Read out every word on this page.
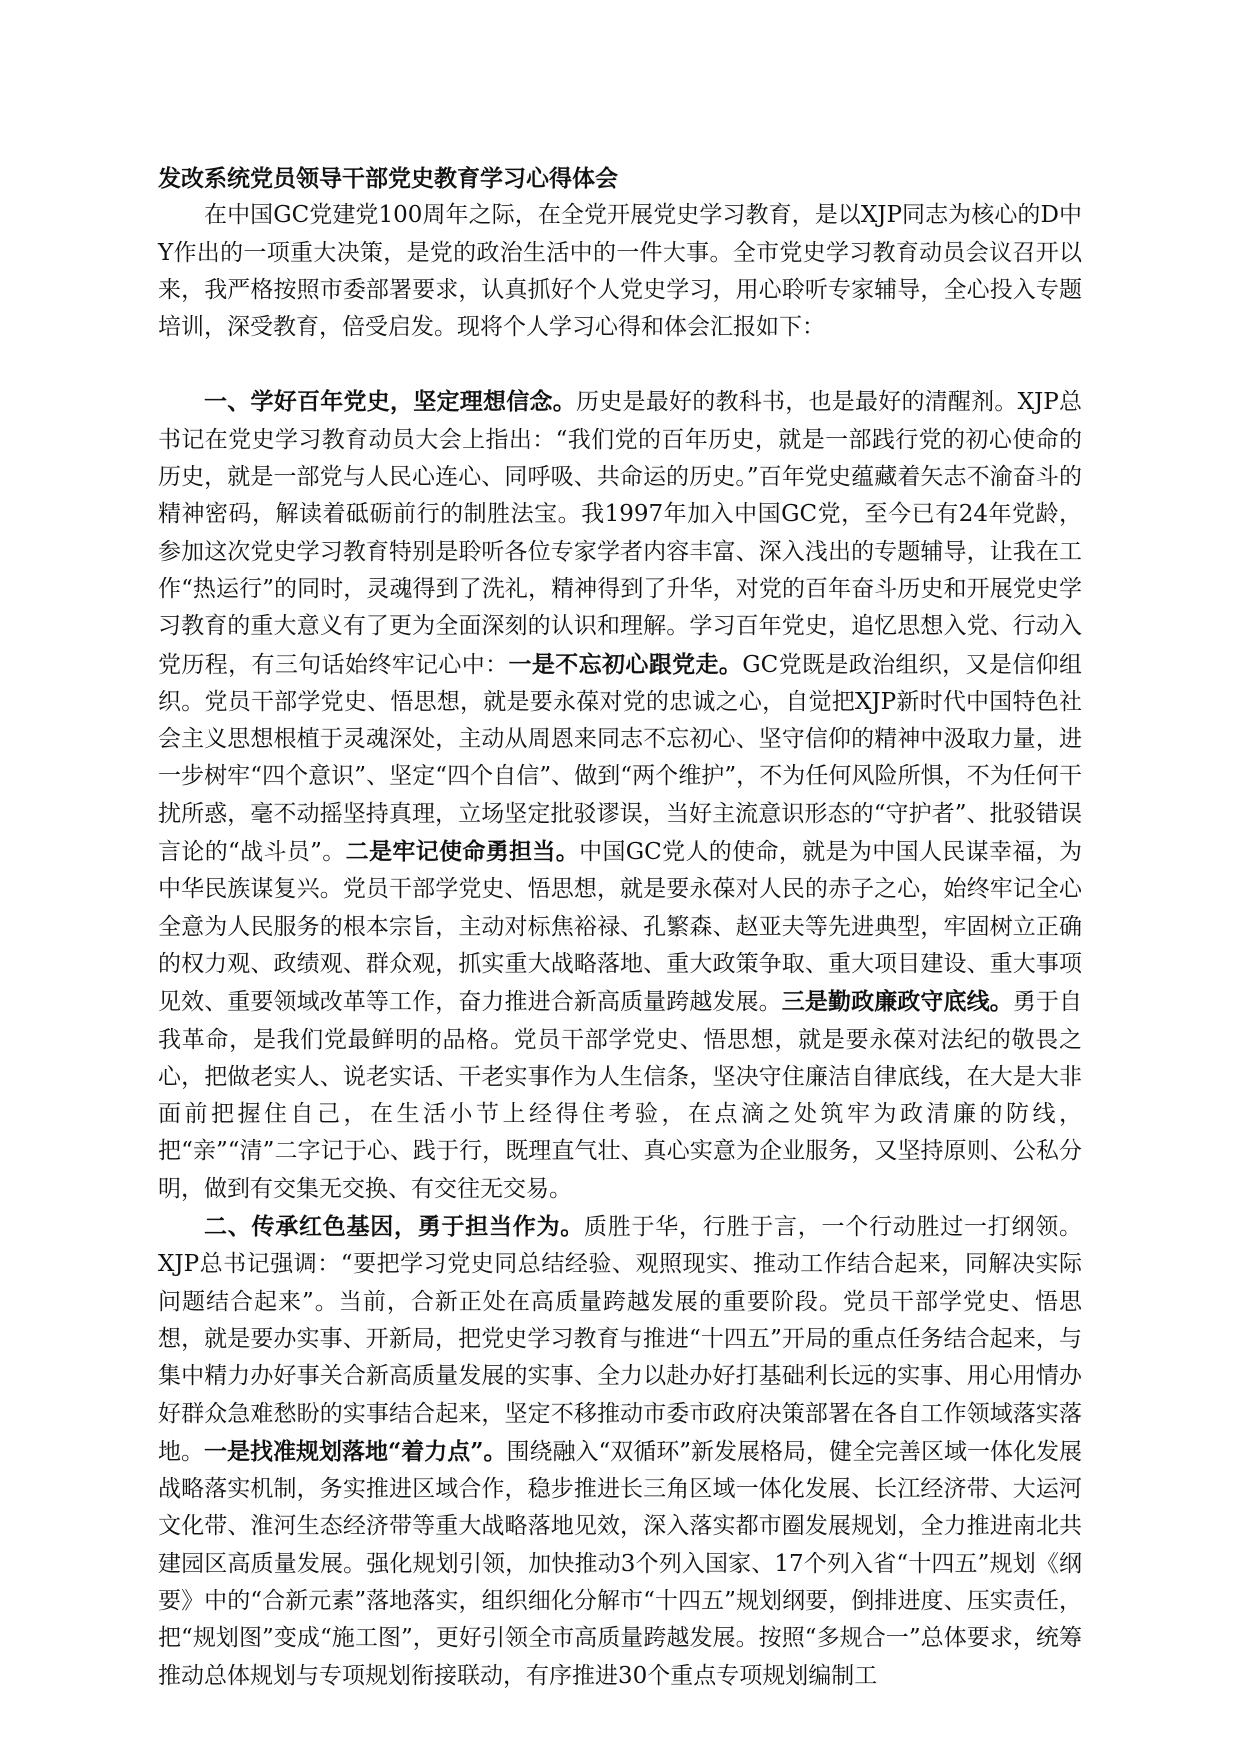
发改系统党员领导干部党史教育学习心得体会

在中国GC党建党100周年之际，在全党开展党史学习教育，是以XJP同志为核心的D中Y作出的一项重大决策，是党的政治生活中的一件大事。全市党史学习教育动员会议召开以来，我严格按照市委部署要求，认真抓好个人党史学习，用心聆听专家辅导，全心投入专题培训，深受教育，倍受启发。现将个人学习心得和体会汇报如下：

一、学好百年党史，坚定理想信念。历史是最好的教科书，也是最好的清醒剂。XJP总书记在党史学习教育动员大会上指出：“我们党的百年历史，就是一部践行党的初心使命的历史，就是一部党与人民心连心、同呼吸、共命运的历史。”百年党史蕴藏着矢志不渝奋斗的精神密码，解读着砥砺前行的制胜法宝。我1997年加入中国GC党，至今已有24年党龄，参加这次党史学习教育特别是聆听各位专家学者内容丰富、深入浅出的专题辅导，让我在工作“热运行”的同时，灵魂得到了洗礼，精神得到了升华，对党的百年奋斗历史和开展党史学习教育的重大意义有了更为全面深刻的认识和理解。学习百年党史，追忆思想入党、行动入党历程，有三句话始终牢记心中：一是不忘初心跟党走。GC党既是政治组织，又是信仰组织。党员干部学党史、悟思想，就是要永葆对党的忠诚之心，自觉把XJP新时代中国特色社会主义思想根植于灵魂深处，主动从周恩来同志不忘初心、坚守信仰的精神中汲取力量，进一步树牢“四个意识”、坚定“四个自信”、做到“两个维护”，不为任何风险所惧，不为任何干扰所惑，毫不动摇坚持真理，立场坚定批驳谬误，当好主流意识形态的“守护者”、批驳错误言论的“战斗员”。二是牢记使命勇担当。中国GC党人的使命，就是为中国人民谋幸福，为中华民族谋复兴。党员干部学党史、悟思想，就是要永葆对人民的赤子之心，始终牢记全心全意为人民服务的根本宗旨，主动对标焦裕禄、孔繁森、赵亚夫等先进典型，牢固树立正确的权力观、政绩观、群众观，抓实重大战略落地、重大政策争取、重大项目建设、重大事项见效、重要领域改革等工作，奋力推进合新高质量跨越发展。三是勤政廉政守底线。勇于自我革命，是我们党最鲜明的品格。党员干部学党史、悟思想，就是要永葆对法纪的敬畏之心，把做老实人、说老实话、干老实事作为人生信条，坚决守住廉洁自律底线，在大是大非面前把握住自己，在生活小节上经得住考验，在点滴之处筑牢为政清廉的防线，把“亲”“清”二字记于心、践于行，既理直气壮、真心实意为企业服务，又坚持原则、公私分明，做到有交集无交换、有交往无交易。

二、传承红色基因，勇于担当作为。质胜于华，行胜于言，一个行动胜过一打纲领。XJP总书记强调：“要把学习党史同总结经验、观照现实、推动工作结合起来，同解决实际问题结合起来”。当前，合新正处在高质量跨越发展的重要阶段。党员干部学党史、悟思想，就是要办实事、开新局，把党史学习教育与推进“十四五”开局的重点任务结合起来，与集中精力办好事关合新高质量发展的实事、全力以赴办好打基础利长远的实事、用心用情办好群众急难愁盼的实事结合起来，坚定不移推动市委市政府决策部署在各自工作领域落实落地。一是找准规划落地“着力点”。围绕融入“双循环”新发展格局，健全完善区域一体化发展战略落实机制，务实推进区域合作，稳步推进长三角区域一体化发展、长江经济带、大运河文化带、淮河生态经济带等重大战略落地见效，深入落实都市圈发展规划，全力推进南北共建园区高质量发展。强化规划引领，加快推动3个列入国家、17个列入省“十四五”规划《纲要》中的“合新元素”落地落实，组织细化分解市“十四五”规划纲要，倒排进度、压实责任，把“规划图”变成“施工图”，更好引领全市高质量跨越发展。按照“多规合一”总体要求，统筹推动总体规划与专项规划衔接联动，有序推进30个重点专项规划编制工
